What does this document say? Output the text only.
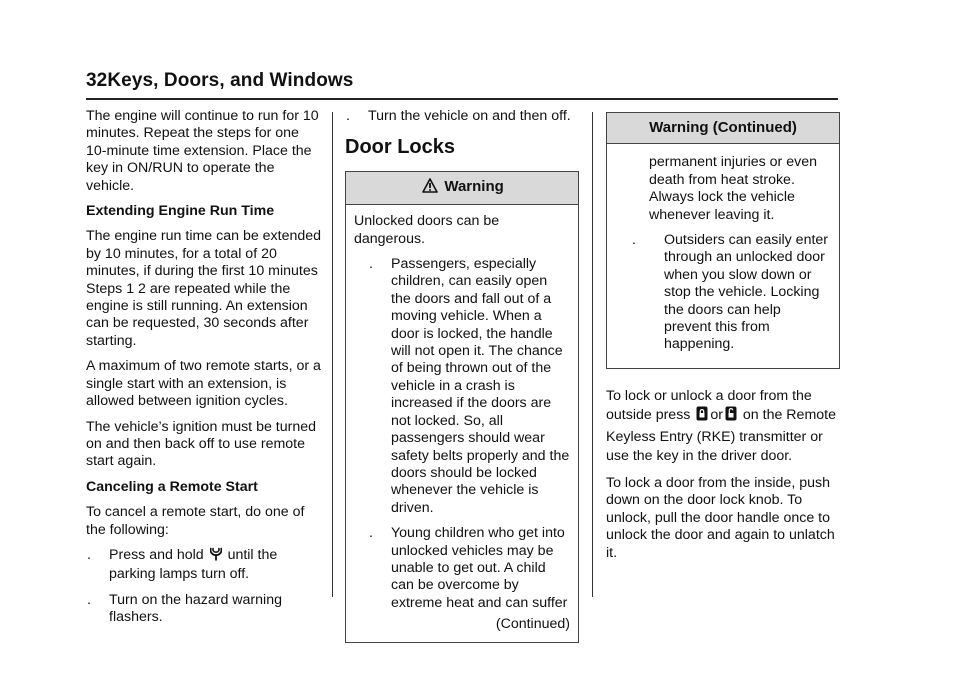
32Keys, Doors, and Windows

The engine will continue to run for 10 minutes. Repeat the steps for one 10-minute time extension. Place the key in ON/RUN to operate the vehicle.

Extending Engine Run Time

The engine run time can be extended by 10 minutes, for a total of 20 minutes, if during the first 10 minutes Steps 1 2 are repeated while the engine is still running. An extension can be requested, 30 seconds after starting.

A maximum of two remote starts, or a single start with an extension, is allowed between ignition cycles.

The vehicle’s ignition must be turned on and then back off to use remote start again.

Canceling a Remote Start

To cancel a remote start, do one of the following:

.	Press and hold until the parking lamps turn off.
.	Turn on the hazard warning flashers.
.	Turn the vehicle on and then off.
Door Locks
Warning

Unlocked doors can be dangerous.

.	Passengers, especially children, can easily open the doors and fall out of a moving vehicle. When a door is locked, the handle will not open it. The chance of being thrown out of the vehicle in a crash is increased if the doors are not locked. So, all passengers should wear safety belts properly and the doors should be locked whenever the vehicle is driven.
.	Young children who get into unlocked vehicles may be unable to get out. A child can be overcome by extreme heat and can suffer
(Continued)
Warning (Continued)
permanent injuries or even death from heat stroke. Always lock the vehicle whenever leaving it.
.	Outsiders can easily enter through an unlocked door when you slow down or stop the vehicle. Locking the doors can help prevent this from happening.

To lock or unlock a door from the outside press or on the Remote Keyless Entry (RKE) transmitter or use the key in the driver door.

To lock a door from the inside, push down on the door lock knob. To unlock, pull the door handle once to unlock the door and again to unlatch it.
